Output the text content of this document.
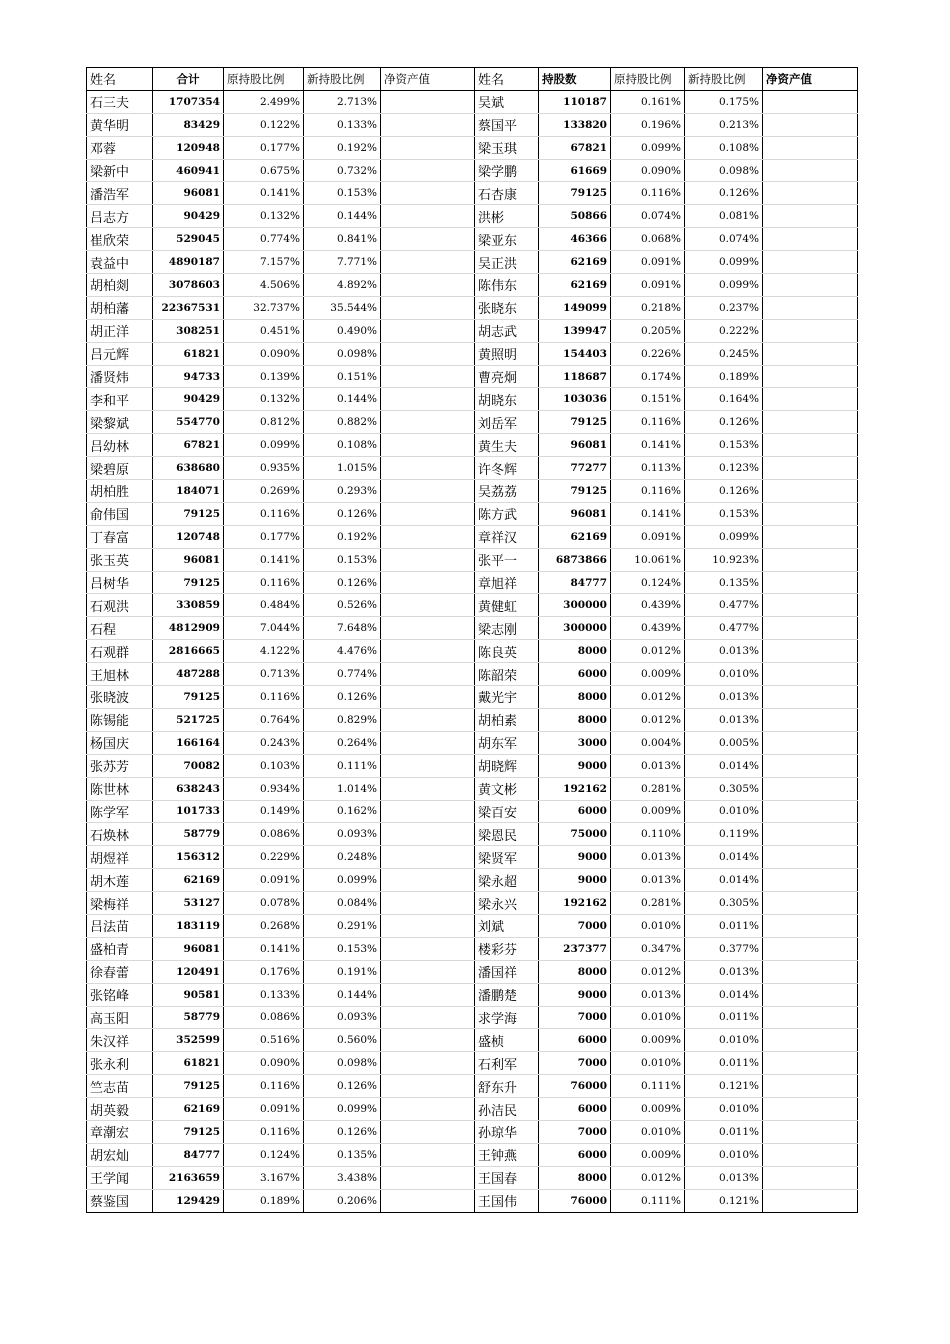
姓名	合计	原持股比例	新持股比例	净资产值	姓名	持股数	原持股比例	新持股比例	净资产值
石三夫	1707354	2.499%	2.713%		吴斌	110187	0.161%	0.175%	
黄华明	83429	0.122%	0.133%		蔡国平	133820	0.196%	0.213%	
邓蓉	120948	0.177%	0.192%		梁玉琪	67821	0.099%	0.108%	
梁新中	460941	0.675%	0.732%		梁学鹏	61669	0.090%	0.098%	
潘浩军	96081	0.141%	0.153%		石杏康	79125	0.116%	0.126%	
吕志方	90429	0.132%	0.144%		洪彬	50866	0.074%	0.081%	
崔欣荣	529045	0.774%	0.841%		梁亚东	46366	0.068%	0.074%	
袁益中	4890187	7.157%	7.771%		吴正洪	62169	0.091%	0.099%	
胡柏剡	3078603	4.506%	4.892%		陈伟东	62169	0.091%	0.099%	
胡柏藩	22367531	32.737%	35.544%		张晓东	149099	0.218%	0.237%	
胡正洋	308251	0.451%	0.490%		胡志武	139947	0.205%	0.222%	
吕元辉	61821	0.090%	0.098%		黄照明	154403	0.226%	0.245%	
潘贤炜	94733	0.139%	0.151%		曹亮炯	118687	0.174%	0.189%	
李和平	90429	0.132%	0.144%		胡晓东	103036	0.151%	0.164%	
梁黎斌	554770	0.812%	0.882%		刘岳军	79125	0.116%	0.126%	
吕幼林	67821	0.099%	0.108%		黄生夫	96081	0.141%	0.153%	
梁碧原	638680	0.935%	1.015%		许冬辉	77277	0.113%	0.123%	
胡柏胜	184071	0.269%	0.293%		吴荔荔	79125	0.116%	0.126%	
俞伟国	79125	0.116%	0.126%		陈方武	96081	0.141%	0.153%	
丁春富	120748	0.177%	0.192%		章祥汉	62169	0.091%	0.099%	
张玉英	96081	0.141%	0.153%		张平一	6873866	10.061%	10.923%	
吕树华	79125	0.116%	0.126%		章旭祥	84777	0.124%	0.135%	
石观洪	330859	0.484%	0.526%		黄健虹	300000	0.439%	0.477%	
石程	4812909	7.044%	7.648%		梁志刚	300000	0.439%	0.477%	
石观群	2816665	4.122%	4.476%		陈良英	8000	0.012%	0.013%	
王旭林	487288	0.713%	0.774%		陈韶荣	6000	0.009%	0.010%	
张晓波	79125	0.116%	0.126%		戴光宇	8000	0.012%	0.013%	
陈锡能	521725	0.764%	0.829%		胡柏素	8000	0.012%	0.013%	
杨国庆	166164	0.243%	0.264%		胡东军	3000	0.004%	0.005%	
张苏芳	70082	0.103%	0.111%		胡晓辉	9000	0.013%	0.014%	
陈世林	638243	0.934%	1.014%		黄文彬	192162	0.281%	0.305%	
陈学军	101733	0.149%	0.162%		梁百安	6000	0.009%	0.010%	
石焕林	58779	0.086%	0.093%		梁恩民	75000	0.110%	0.119%	
胡煜祥	156312	0.229%	0.248%		梁贤军	9000	0.013%	0.014%	
胡木莲	62169	0.091%	0.099%		梁永超	9000	0.013%	0.014%	
梁梅祥	53127	0.078%	0.084%		梁永兴	192162	0.281%	0.305%	
吕法苗	183119	0.268%	0.291%		刘斌	7000	0.010%	0.011%	
盛柏青	96081	0.141%	0.153%		楼彩芬	237377	0.347%	0.377%	
徐春蕾	120491	0.176%	0.191%		潘国祥	8000	0.012%	0.013%	
张铭峰	90581	0.133%	0.144%		潘鹏楚	9000	0.013%	0.014%	
高玉阳	58779	0.086%	0.093%		求学海	7000	0.010%	0.011%	
朱汉祥	352599	0.516%	0.560%		盛桢	6000	0.009%	0.010%	
张永利	61821	0.090%	0.098%		石利军	7000	0.010%	0.011%	
竺志苗	79125	0.116%	0.126%		舒东升	76000	0.111%	0.121%	
胡英毅	62169	0.091%	0.099%		孙洁民	6000	0.009%	0.010%	
章潮宏	79125	0.116%	0.126%		孙琼华	7000	0.010%	0.011%	
胡宏灿	84777	0.124%	0.135%		王钟燕	6000	0.009%	0.010%	
王学闻	2163659	3.167%	3.438%		王国春	8000	0.012%	0.013%	
蔡鉴国	129429	0.189%	0.206%		王国伟	76000	0.111%	0.121%	
